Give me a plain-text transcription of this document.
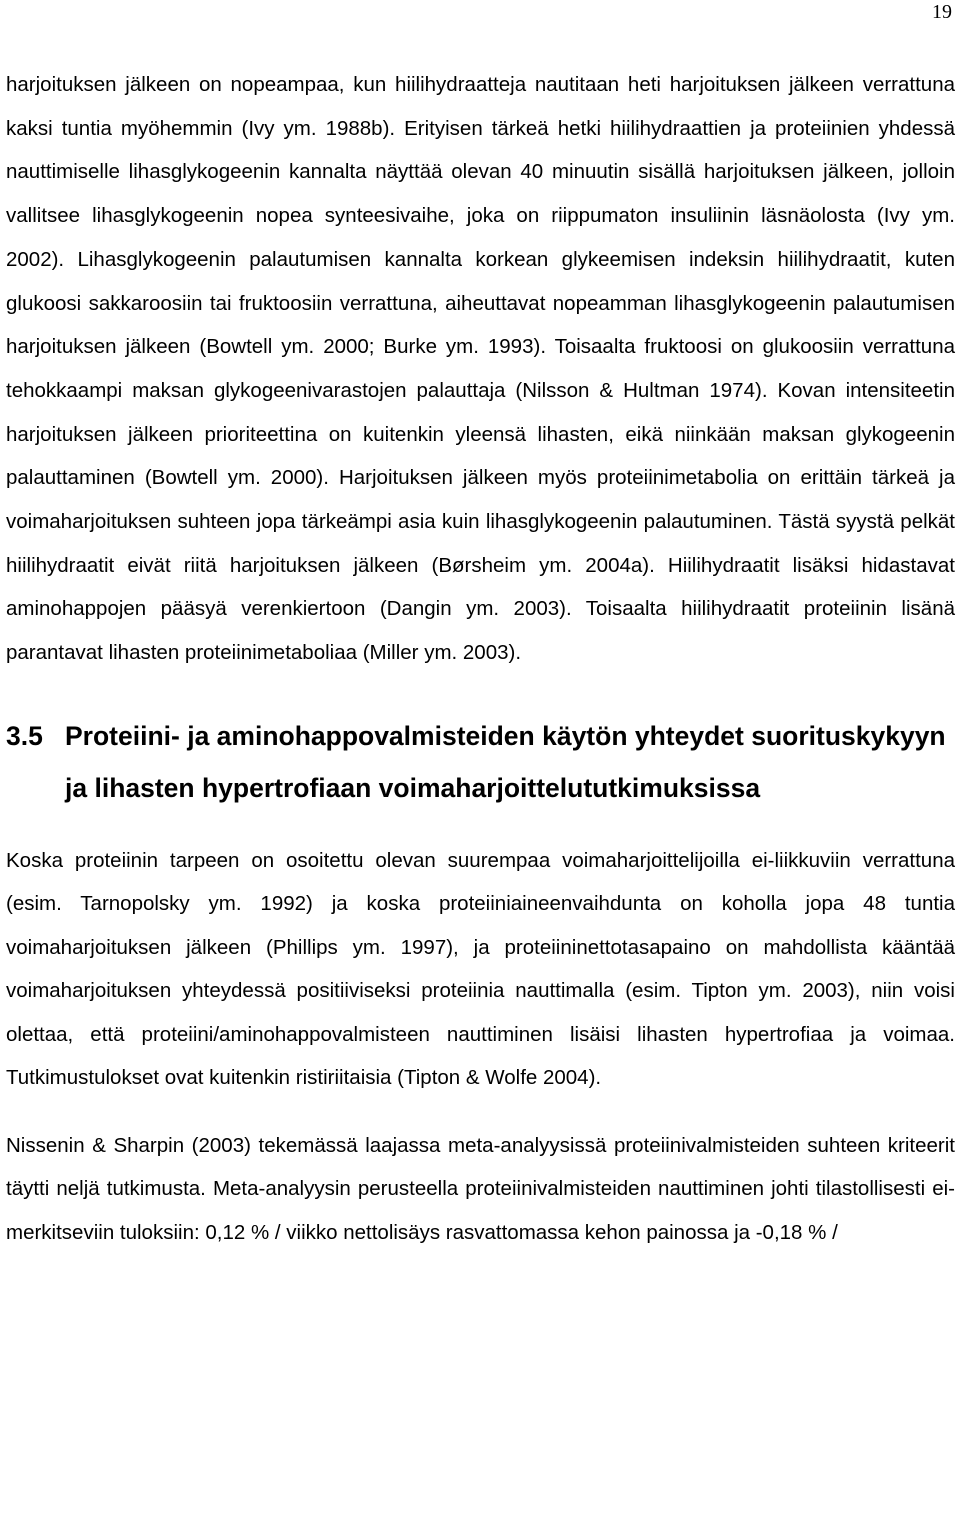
19

harjoituksen jälkeen on nopeampaa, kun hiilihydraatteja nautitaan heti harjoituksen jälkeen verrattuna kaksi tuntia myöhemmin (Ivy ym. 1988b). Erityisen tärkeä hetki hiilihydraattien ja proteiinien yhdessä nauttimiselle lihasglykogeenin kannalta näyttää olevan 40 minuutin sisällä harjoituksen jälkeen, jolloin vallitsee lihasglykogeenin nopea synteesivaihe, joka on riippumaton insuliinin läsnäolosta (Ivy ym. 2002). Lihasglykogeenin palautumisen kannalta korkean glykeemisen indeksin hiilihydraatit, kuten glukoosi sakkaroosiin tai fruktoosiin verrattuna, aiheuttavat nopeamman lihasglykogeenin palautumisen harjoituksen jälkeen (Bowtell ym. 2000; Burke ym. 1993). Toisaalta fruktoosi on glukoosiin verrattuna tehokkaampi maksan glykogeenivarastojen palauttaja (Nilsson & Hultman 1974). Kovan intensiteetin harjoituksen jälkeen prioriteettina on kuitenkin yleensä lihasten, eikä niinkään maksan glykogeenin palauttaminen (Bowtell ym. 2000). Harjoituksen jälkeen myös proteiinimetabolia on erittäin tärkeä ja voimaharjoituksen suhteen jopa tärkeämpi asia kuin lihasglykogeenin palautuminen. Tästä syystä pelkät hiilihydraatit eivät riitä harjoituksen jälkeen (Børsheim ym. 2004a). Hiilihydraatit lisäksi hidastavat aminohappojen pääsyä verenkiertoon (Dangin ym. 2003). Toisaalta hiilihydraatit proteiinin lisänä parantavat lihasten proteiinimetaboliaa (Miller ym. 2003).

3.5 Proteiini- ja aminohappovalmisteiden käytön yhteydet suorituskykyyn ja lihasten hypertrofiaan voimaharjoittelututkimuksissa

Koska proteiinin tarpeen on osoitettu olevan suurempaa voimaharjoittelijoilla ei-liikkuviin verrattuna (esim. Tarnopolsky ym. 1992) ja koska proteiiniaineenvaihdunta on koholla jopa 48 tuntia voimaharjoituksen jälkeen (Phillips ym. 1997), ja proteiininettotasapaino on mahdollista kääntää voimaharjoituksen yhteydessä positiiviseksi proteiinia nauttimalla (esim. Tipton ym. 2003), niin voisi olettaa, että proteiini/aminohappovalmisteen nauttiminen lisäisi lihasten hypertrofiaa ja voimaa. Tutkimustulokset ovat kuitenkin ristiriitaisia (Tipton & Wolfe 2004).

Nissenin & Sharpin (2003) tekemässä laajassa meta-analyysissä proteiinivalmisteiden suhteen kriteerit täytti neljä tutkimusta. Meta-analyysin perusteella proteiinivalmisteiden nauttiminen johti tilastollisesti ei-merkitseviin tuloksiin: 0,12 % / viikko nettolisäys rasvattomassa kehon painossa ja -0,18 % /
